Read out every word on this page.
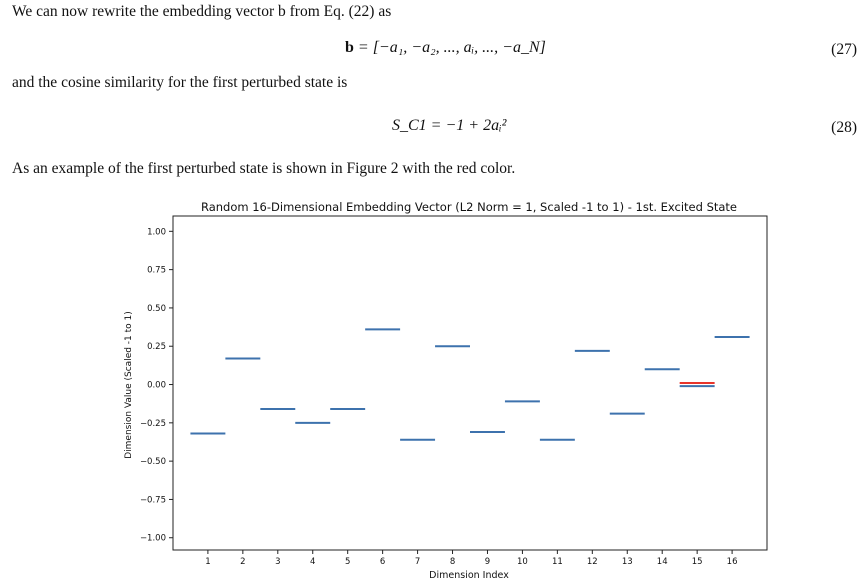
We can now rewrite the embedding vector b from Eq. (22) as
b = [−a₁, −a₂, ..., aᵢ, ..., −a_N]	(27)
and the cosine similarity for the first perturbed state is
S_C1 = −1 + 2aᵢ²	(28)
As an example of the first perturbed state is shown in Figure 2 with the red color.
Random 16-Dimensional Embedding Vector (L2 Norm = 1, Scaled -1 to 1) - 1st. Excited State
Dimension Value (Scaled -1 to 1)
Dimension Index
1.00
0.75
0.50
0.25
0.00
−0.25
−0.50
−0.75
−1.00
1	2	3	4	5	6	7	8	9	10	11	12	13	14	15	16
